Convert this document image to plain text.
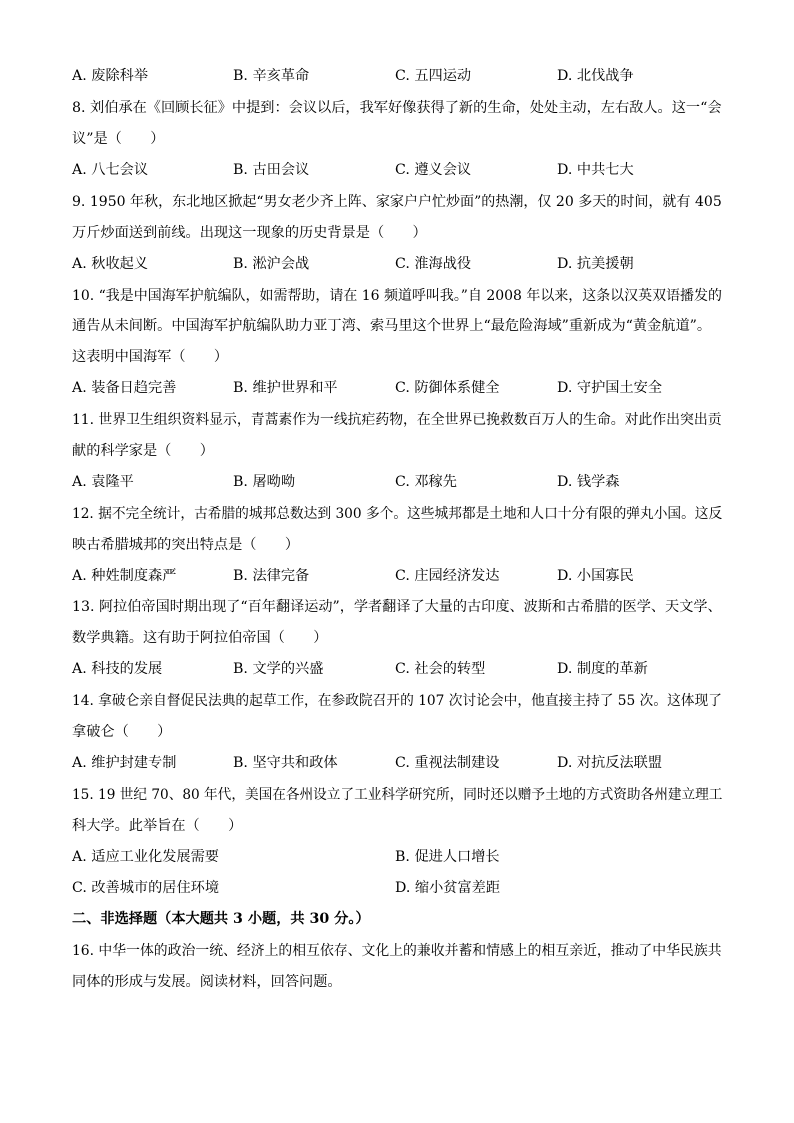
A. 废除科举	B. 辛亥革命	C. 五四运动	D. 北伐战争
8. 刘伯承在《回顾长征》中提到：会议以后，我军好像获得了新的生命，处处主动，左右敌人。这一“会
议”是（　　）
A. 八七会议	B. 古田会议	C. 遵义会议	D. 中共七大
9. 1950 年秋，东北地区掀起“男女老少齐上阵、家家户户忙炒面”的热潮，仅 20 多天的时间，就有 405
万斤炒面送到前线。出现这一现象的历史背景是（　　）
A. 秋收起义	B. 淞沪会战	C. 淮海战役	D. 抗美援朝
10. “我是中国海军护航编队，如需帮助，请在 16 频道呼叫我。”自 2008 年以来，这条以汉英双语播发的
通告从未间断。中国海军护航编队助力亚丁湾、索马里这个世界上“最危险海域”重新成为“黄金航道”。
这表明中国海军（　　）
A. 装备日趋完善	B. 维护世界和平	C. 防御体系健全	D. 守护国土安全
11. 世界卫生组织资料显示，青蒿素作为一线抗疟药物，在全世界已挽救数百万人的生命。对此作出突出贡
献的科学家是（　　）
A. 袁隆平	B. 屠呦呦	C. 邓稼先	D. 钱学森
12. 据不完全统计，古希腊的城邦总数达到 300 多个。这些城邦都是土地和人口十分有限的弹丸小国。这反
映古希腊城邦的突出特点是（　　）
A. 种姓制度森严	B. 法律完备	C. 庄园经济发达	D. 小国寡民
13. 阿拉伯帝国时期出现了“百年翻译运动”，学者翻译了大量的古印度、波斯和古希腊的医学、天文学、
数学典籍。这有助于阿拉伯帝国（　　）
A. 科技的发展	B. 文学的兴盛	C. 社会的转型	D. 制度的革新
14. 拿破仑亲自督促民法典的起草工作，在参政院召开的 107 次讨论会中，他直接主持了 55 次。这体现了
拿破仑（　　）
A. 维护封建专制	B. 坚守共和政体	C. 重视法制建设	D. 对抗反法联盟
15. 19 世纪 70、80 年代，美国在各州设立了工业科学研究所，同时还以赠予土地的方式资助各州建立理工
科大学。此举旨在（　　）
A. 适应工业化发展需要	B. 促进人口增长
C. 改善城市的居住环境	D. 缩小贫富差距
二、非选择题（本大题共 3 小题，共 30 分。）
16. 中华一体的政治一统、经济上的相互依存、文化上的兼收并蓄和情感上的相互亲近，推动了中华民族共
同体的形成与发展。阅读材料，回答问题。
